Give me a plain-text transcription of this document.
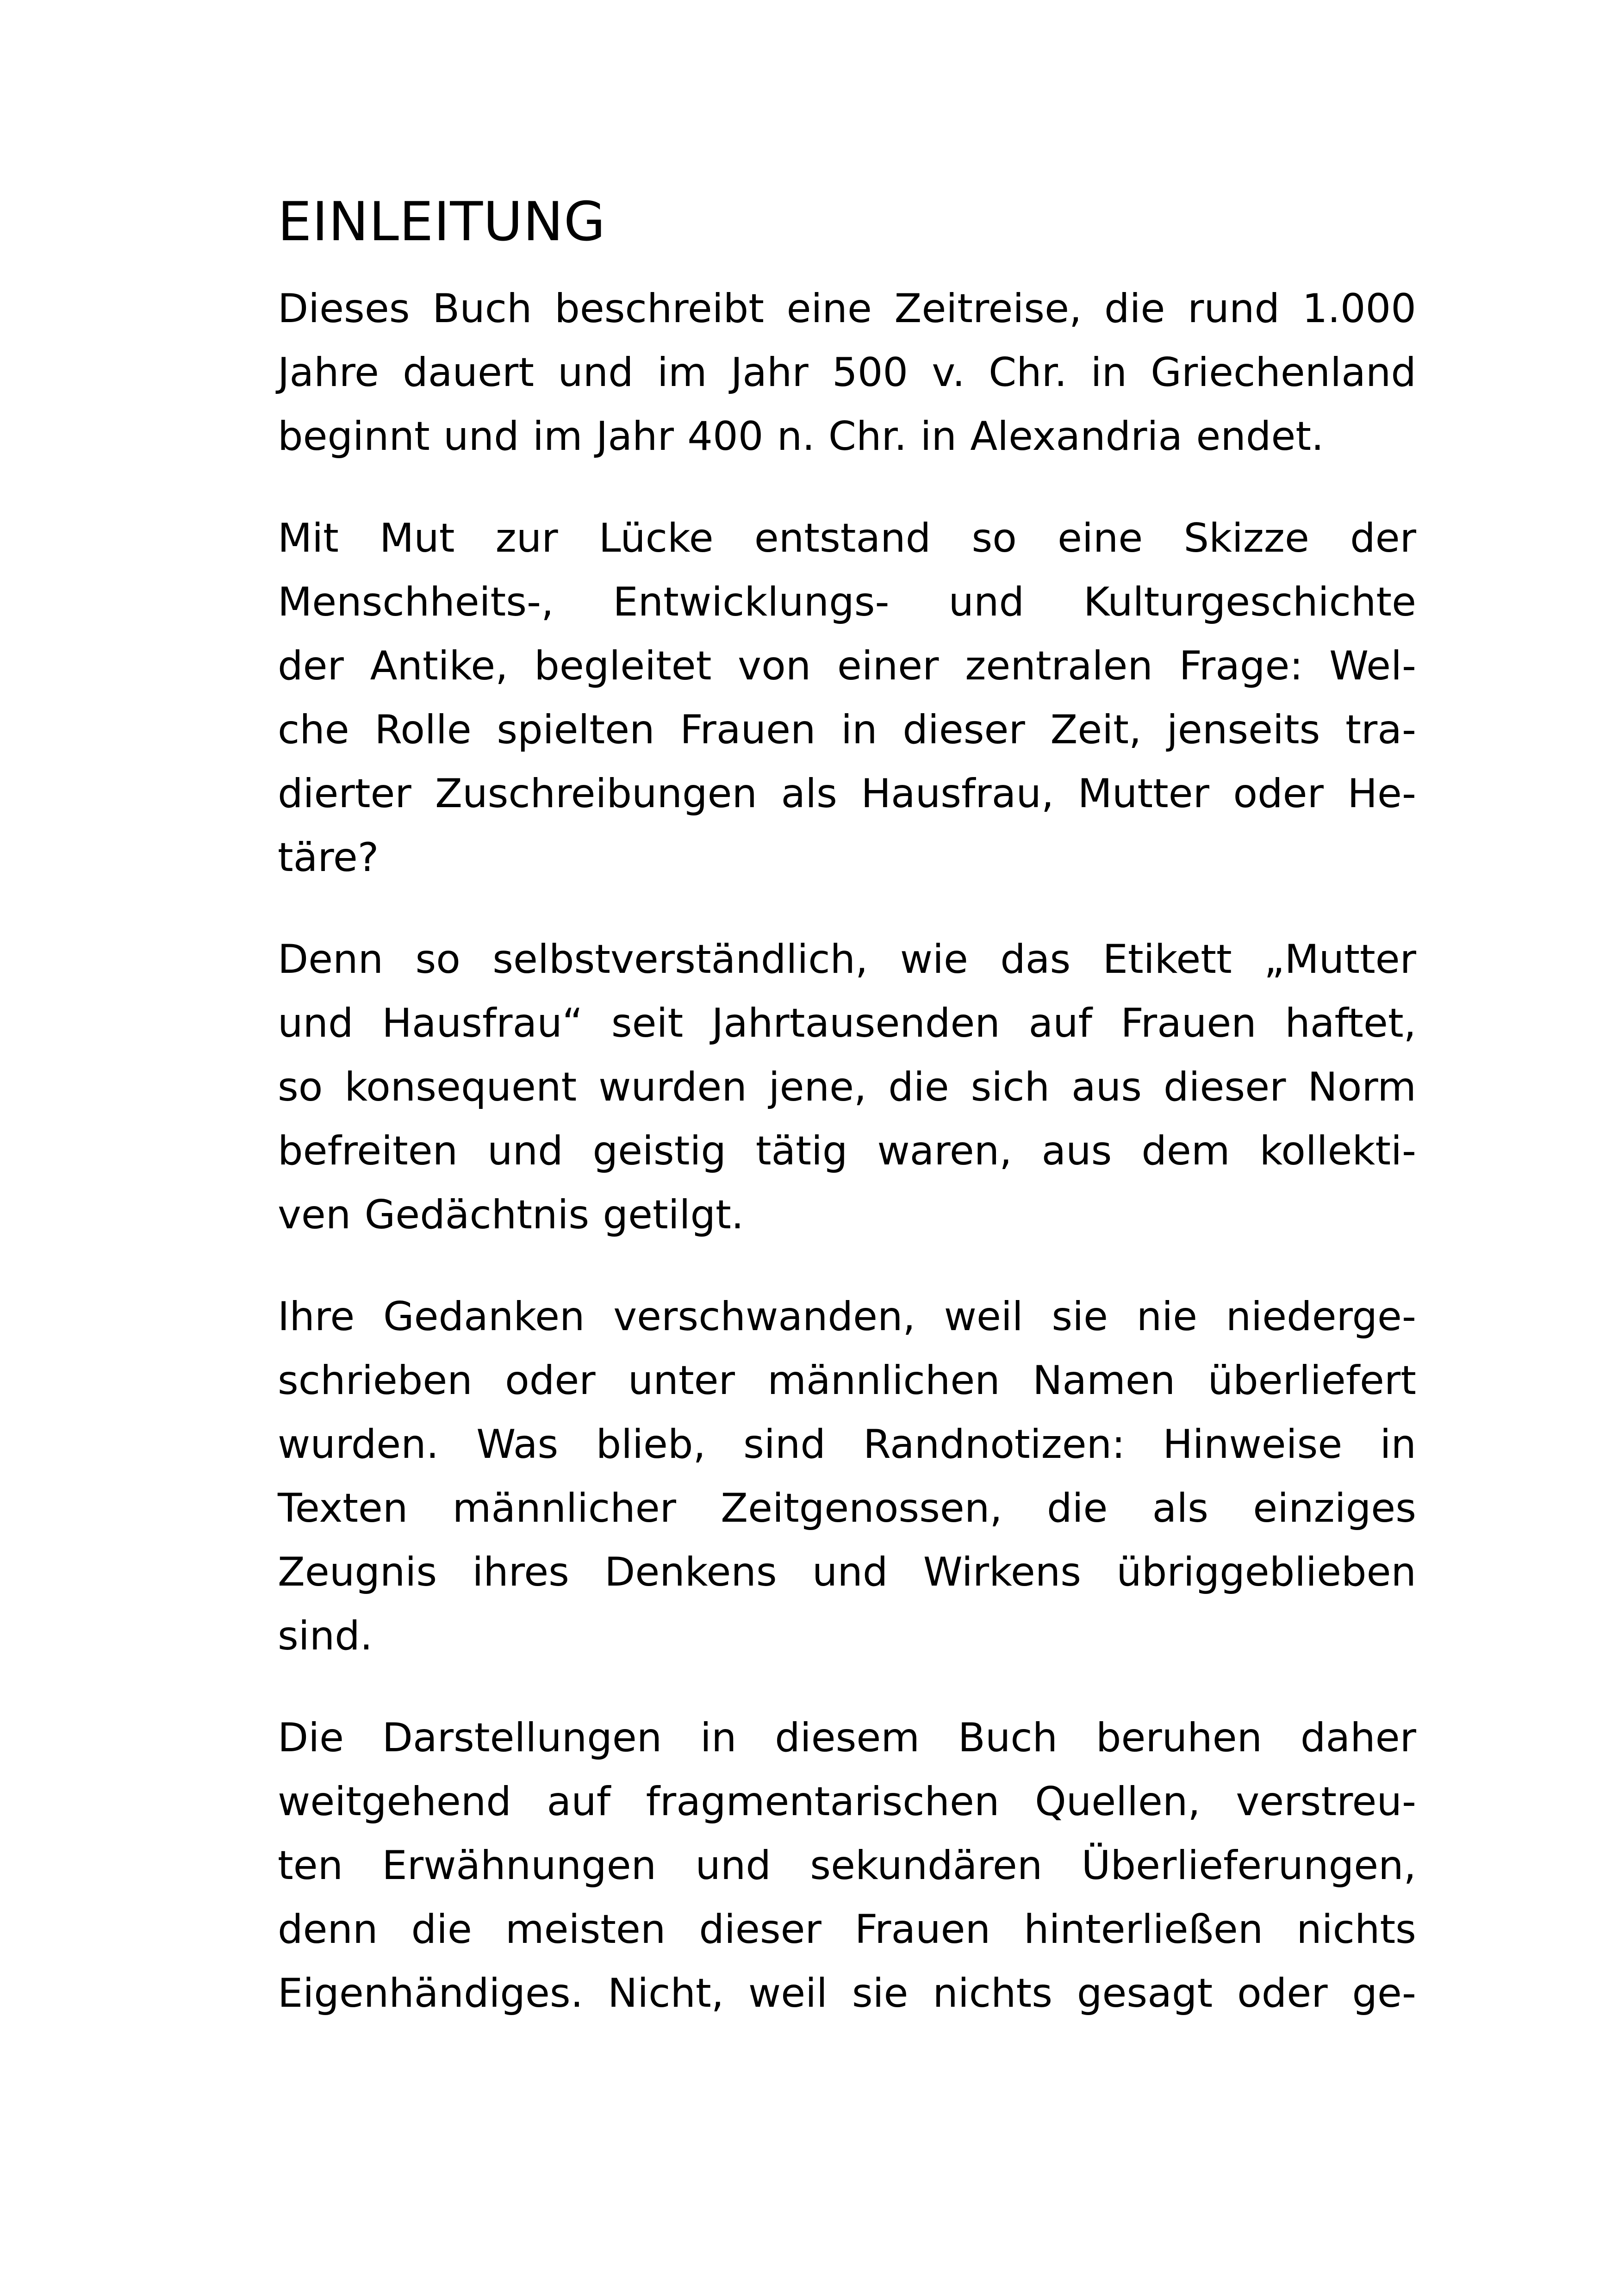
EINLEITUNG
Dieses Buch beschreibt eine Zeitreise, die rund 1.000
Jahre dauert und im Jahr 500 v. Chr. in Griechenland
beginnt und im Jahr 400 n. Chr. in Alexandria endet.
Mit Mut zur Lücke entstand so eine Skizze der
Menschheits-, Entwicklungs- und Kulturgeschichte
der Antike, begleitet von einer zentralen Frage: Wel-
che Rolle spielten Frauen in dieser Zeit, jenseits tra-
dierter Zuschreibungen als Hausfrau, Mutter oder He-
täre?
Denn so selbstverständlich, wie das Etikett „Mutter
und Hausfrau“ seit Jahrtausenden auf Frauen haftet,
so konsequent wurden jene, die sich aus dieser Norm
befreiten und geistig tätig waren, aus dem kollekti-
ven Gedächtnis getilgt.
Ihre Gedanken verschwanden, weil sie nie niederge-
schrieben oder unter männlichen Namen überliefert
wurden. Was blieb, sind Randnotizen: Hinweise in
Texten männlicher Zeitgenossen, die als einziges
Zeugnis ihres Denkens und Wirkens übriggeblieben
sind.
Die Darstellungen in diesem Buch beruhen daher
weitgehend auf fragmentarischen Quellen, verstreu-
ten Erwähnungen und sekundären Überlieferungen,
denn die meisten dieser Frauen hinterließen nichts
Eigenhändiges. Nicht, weil sie nichts gesagt oder ge-
